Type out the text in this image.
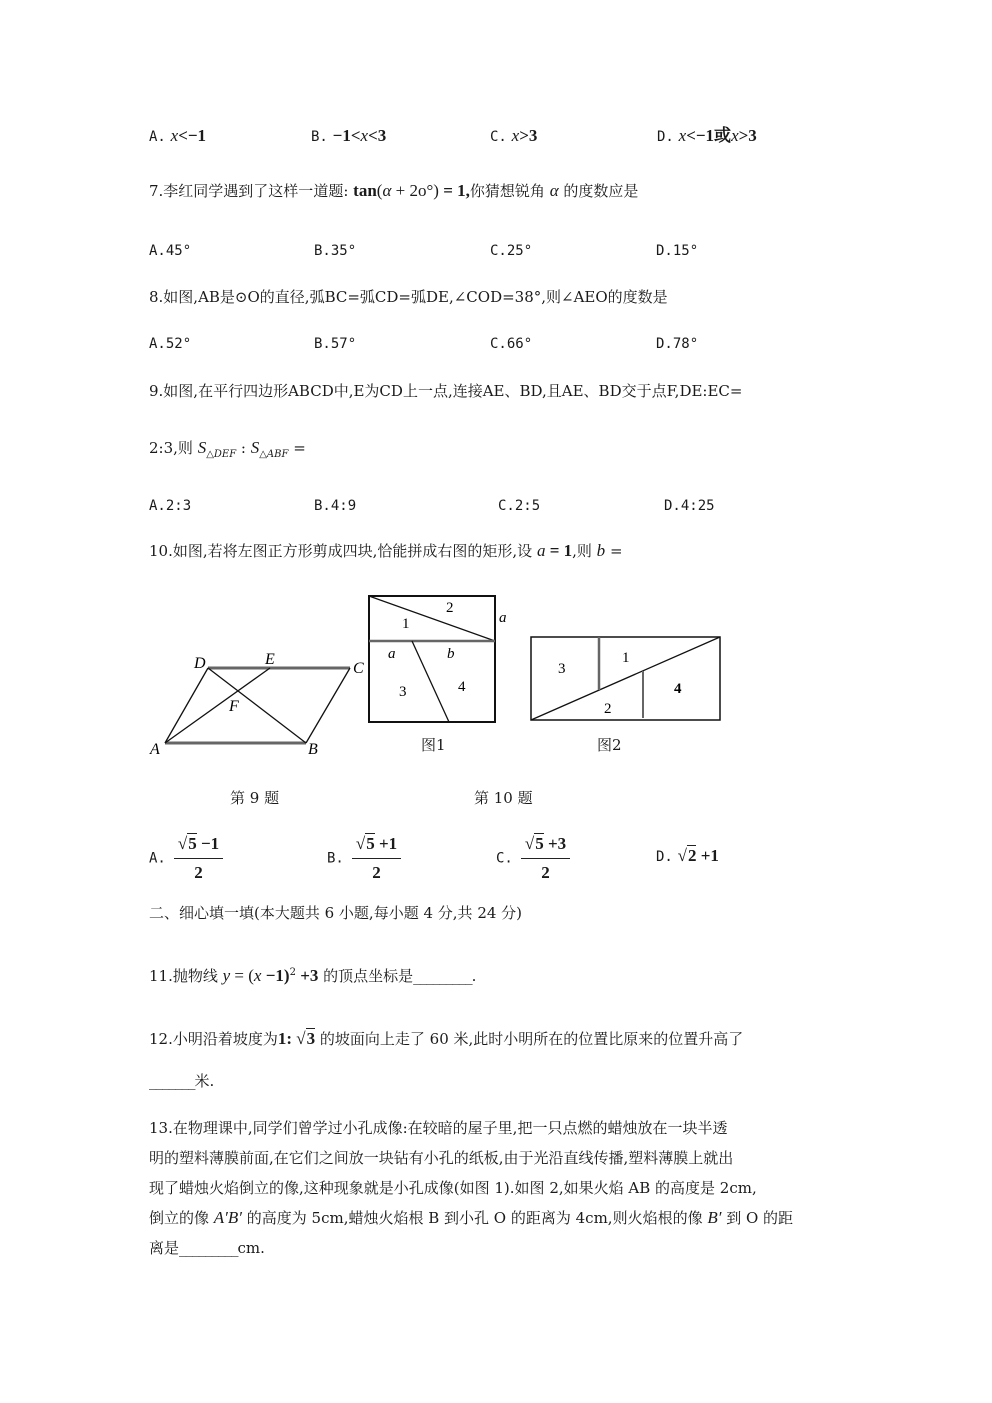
A. x<−1	B. −1<x<3	C. x>3	D. x<−1或x>3
7.李红同学遇到了这样一道题: tan(α + 2o°) = 1,你猜想锐角 α 的度数应是
A.45°	B.35°	C.25°	D.15°
8.如图,AB是⊙O的直径,弧BC=弧CD=弧DE,∠COD=38°,则∠AEO的度数是
A.52°	B.57°	C.66°	D.78°
9.如图,在平行四边形ABCD中,E为CD上一点,连接AE、BD,且AE、BD交于点F,DE:EC=
2:3,则 $S_{\triangle DEF}$ : $S_{\triangle ABF}$ =
A.2:3	B.4:9	C.2:5	D.4:25
10.如图,若将左图正方形剪成四块,恰能拼成右图的矩形,设 a = 1,则 b =
A	B
C
D	E
F
1
2
3	4
a
a	b
图1
1
2
3
4
图2
第 9 题	第 10 题
A. $\frac{√5 -1}{2}$	B. $\frac{√5 +1}{2}$	C. $\frac{√5 +3}{2}$	D. √2 +1
二、细心填一填(本大题共 6 小题,每小题 4 分,共 24 分)
11.抛物线 $y = (x -1)^2 +3$ 的顶点坐标是_________.
12.小明沿着坡度为1: √3 的坡面向上走了 60 米,此时小明所在的位置比原来的位置升高了
_______米.
13.在物理课中,同学们曾学过小孔成像:在较暗的屋子里,把一只点燃的蜡烛放在一块半透
明的塑料薄膜前面,在它们之间放一块钻有小孔的纸板,由于光沿直线传播,塑料薄膜上就出
现了蜡烛火焰倒立的像,这种现象就是小孔成像(如图 1).如图 2,如果火焰 AB 的高度是 2cm,
倒立的像 A′B′ 的高度为 5cm,蜡烛火焰根 B 到小孔 O 的距离为 4cm,则火焰根的像 B′ 到 O 的距
离是_________cm.
